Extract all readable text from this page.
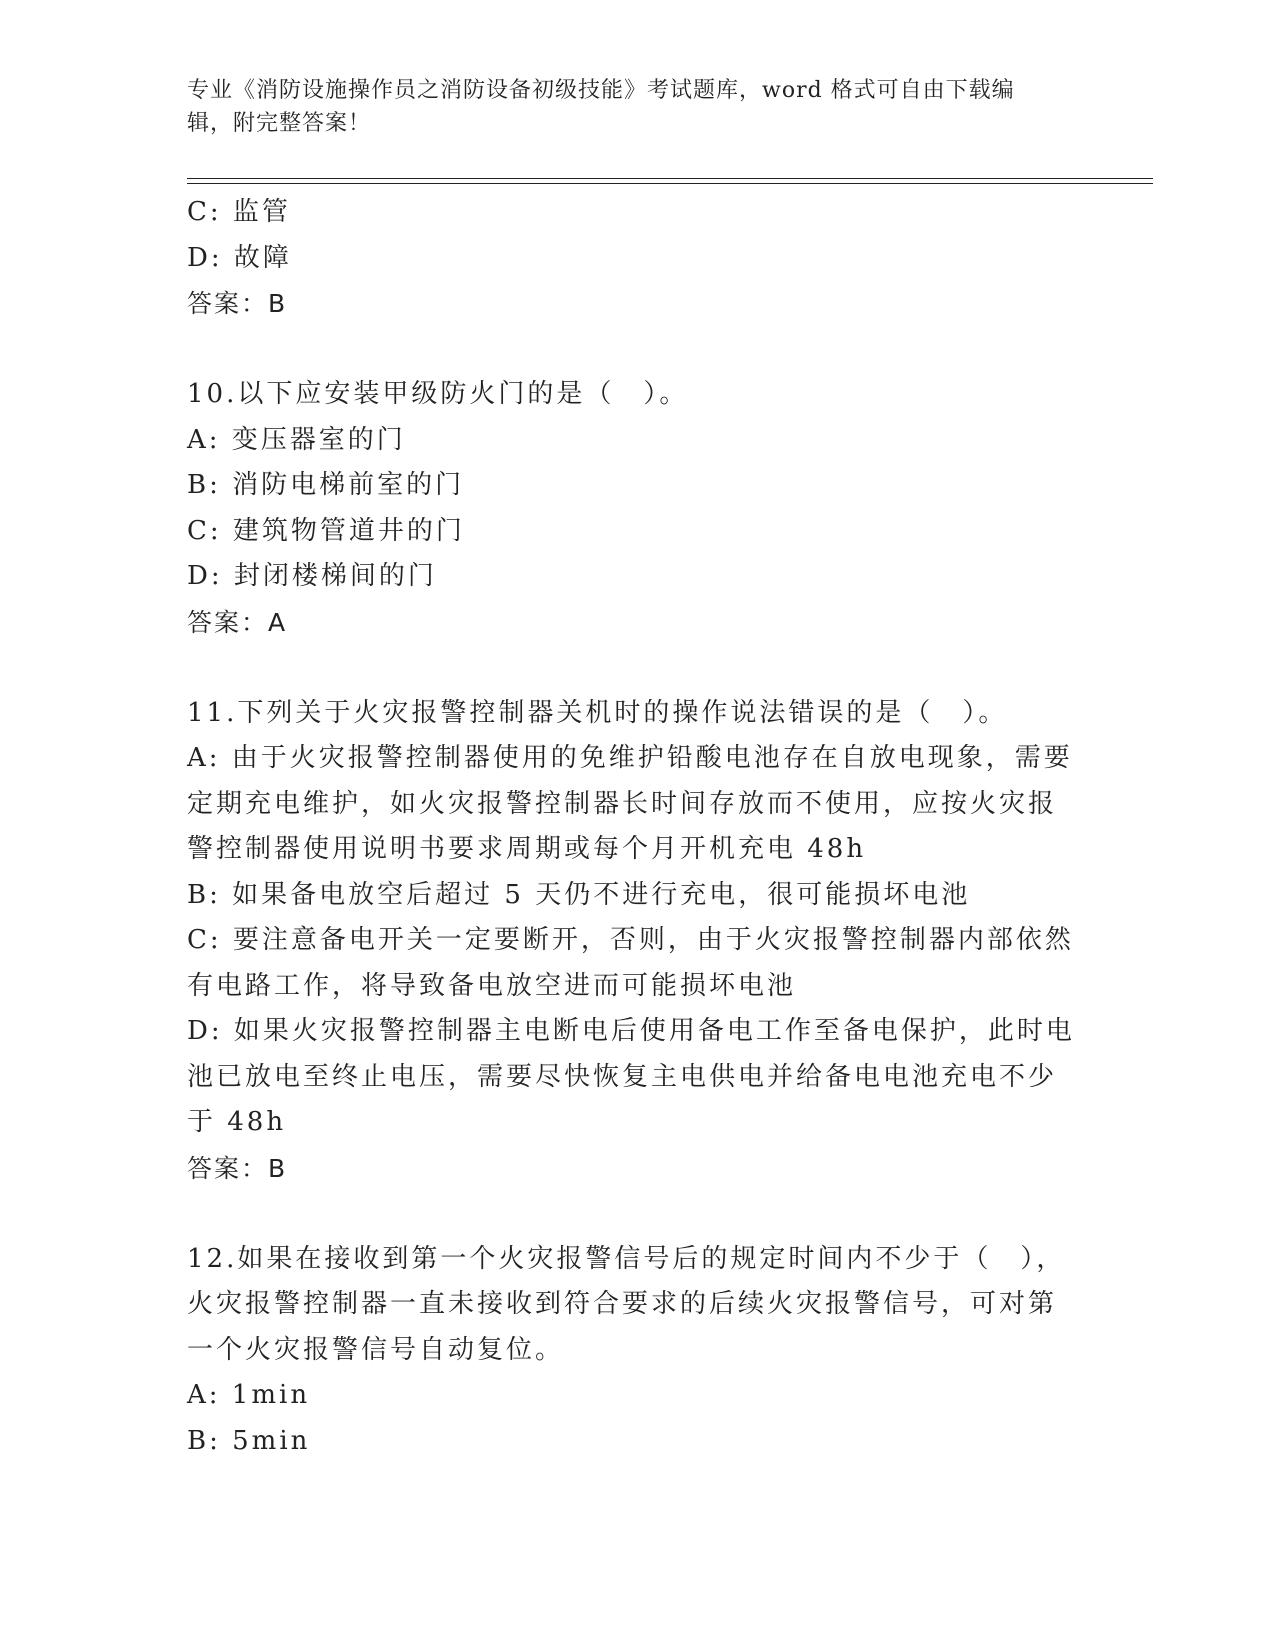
专业《消防设施操作员之消防设备初级技能》考试题库，word 格式可自由下载编
辑，附完整答案！
C: 监管
D: 故障
答案：B
10.以下应安装甲级防火门的是（　）。
A: 变压器室的门
B: 消防电梯前室的门
C: 建筑物管道井的门
D: 封闭楼梯间的门
答案：A
11.下列关于火灾报警控制器关机时的操作说法错误的是（　）。
A: 由于火灾报警控制器使用的免维护铅酸电池存在自放电现象，需要
定期充电维护，如火灾报警控制器长时间存放而不使用，应按火灾报
警控制器使用说明书要求周期或每个月开机充电 48h
B: 如果备电放空后超过 5 天仍不进行充电，很可能损坏电池
C: 要注意备电开关一定要断开，否则，由于火灾报警控制器内部依然
有电路工作，将导致备电放空进而可能损坏电池
D: 如果火灾报警控制器主电断电后使用备电工作至备电保护，此时电
池已放电至终止电压，需要尽快恢复主电供电并给备电电池充电不少
于 48h
答案：B
12.如果在接收到第一个火灾报警信号后的规定时间内不少于（　），
火灾报警控制器一直未接收到符合要求的后续火灾报警信号，可对第
一个火灾报警信号自动复位。
A: 1min
B: 5min
